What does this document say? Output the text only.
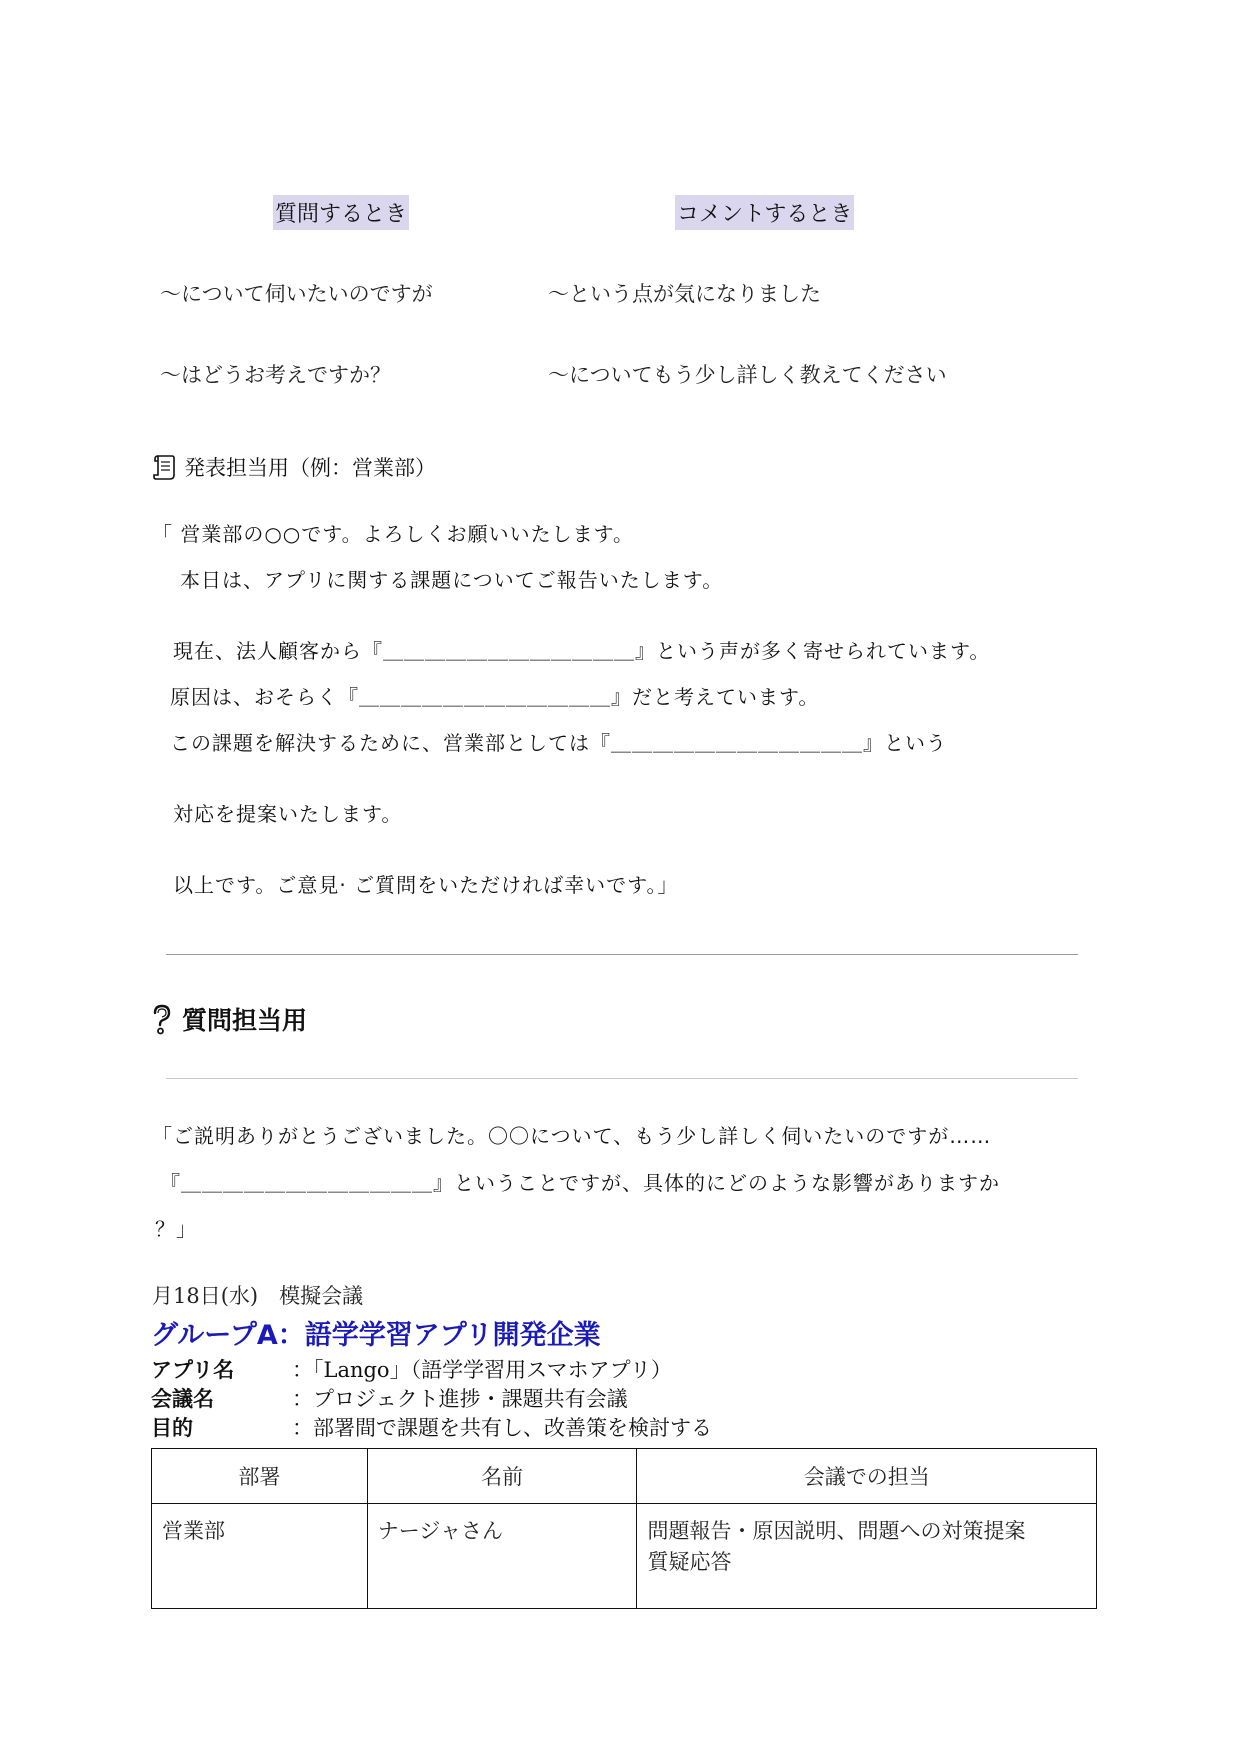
質問するとき	コメントするとき
～について伺いたいのですが	～という点が気になりました
～はどうお考えですか？	～についてもう少し詳しく教えてください
発表担当用（例：営業部）
「 営業部の○○です。よろしくお願いいたします。
本日は、アプリに関する課題についてご報告いたします。
現在、法人顧客から『＿＿＿＿＿＿＿＿＿＿＿＿』という声が多く寄せられています。
原因は、おそらく『＿＿＿＿＿＿＿＿＿＿＿＿』だと考えています。
この課題を解決するために、営業部としては『＿＿＿＿＿＿＿＿＿＿＿＿』という
対応を提案いたします。
以上です。ご意見· ご質問をいただければ幸いです。」
質問担当用
「ご説明ありがとうございました。〇〇について、もう少し詳しく伺いたいのですが……
『＿＿＿＿＿＿＿＿＿＿＿＿』ということですが、具体的にどのような影響がありますか
？」
月18日(水)　模擬会議
グループA：語学学習アプリ開発企業
アプリ名	：「Lango」（語学学習用スマホアプリ）
会議名	：プロジェクト進捗・課題共有会議
目的	：部署間で課題を共有し、改善策を検討する
部署	名前	会議での担当
営業部	ナージャさん	問題報告・原因説明、問題への対策提案
質疑応答
